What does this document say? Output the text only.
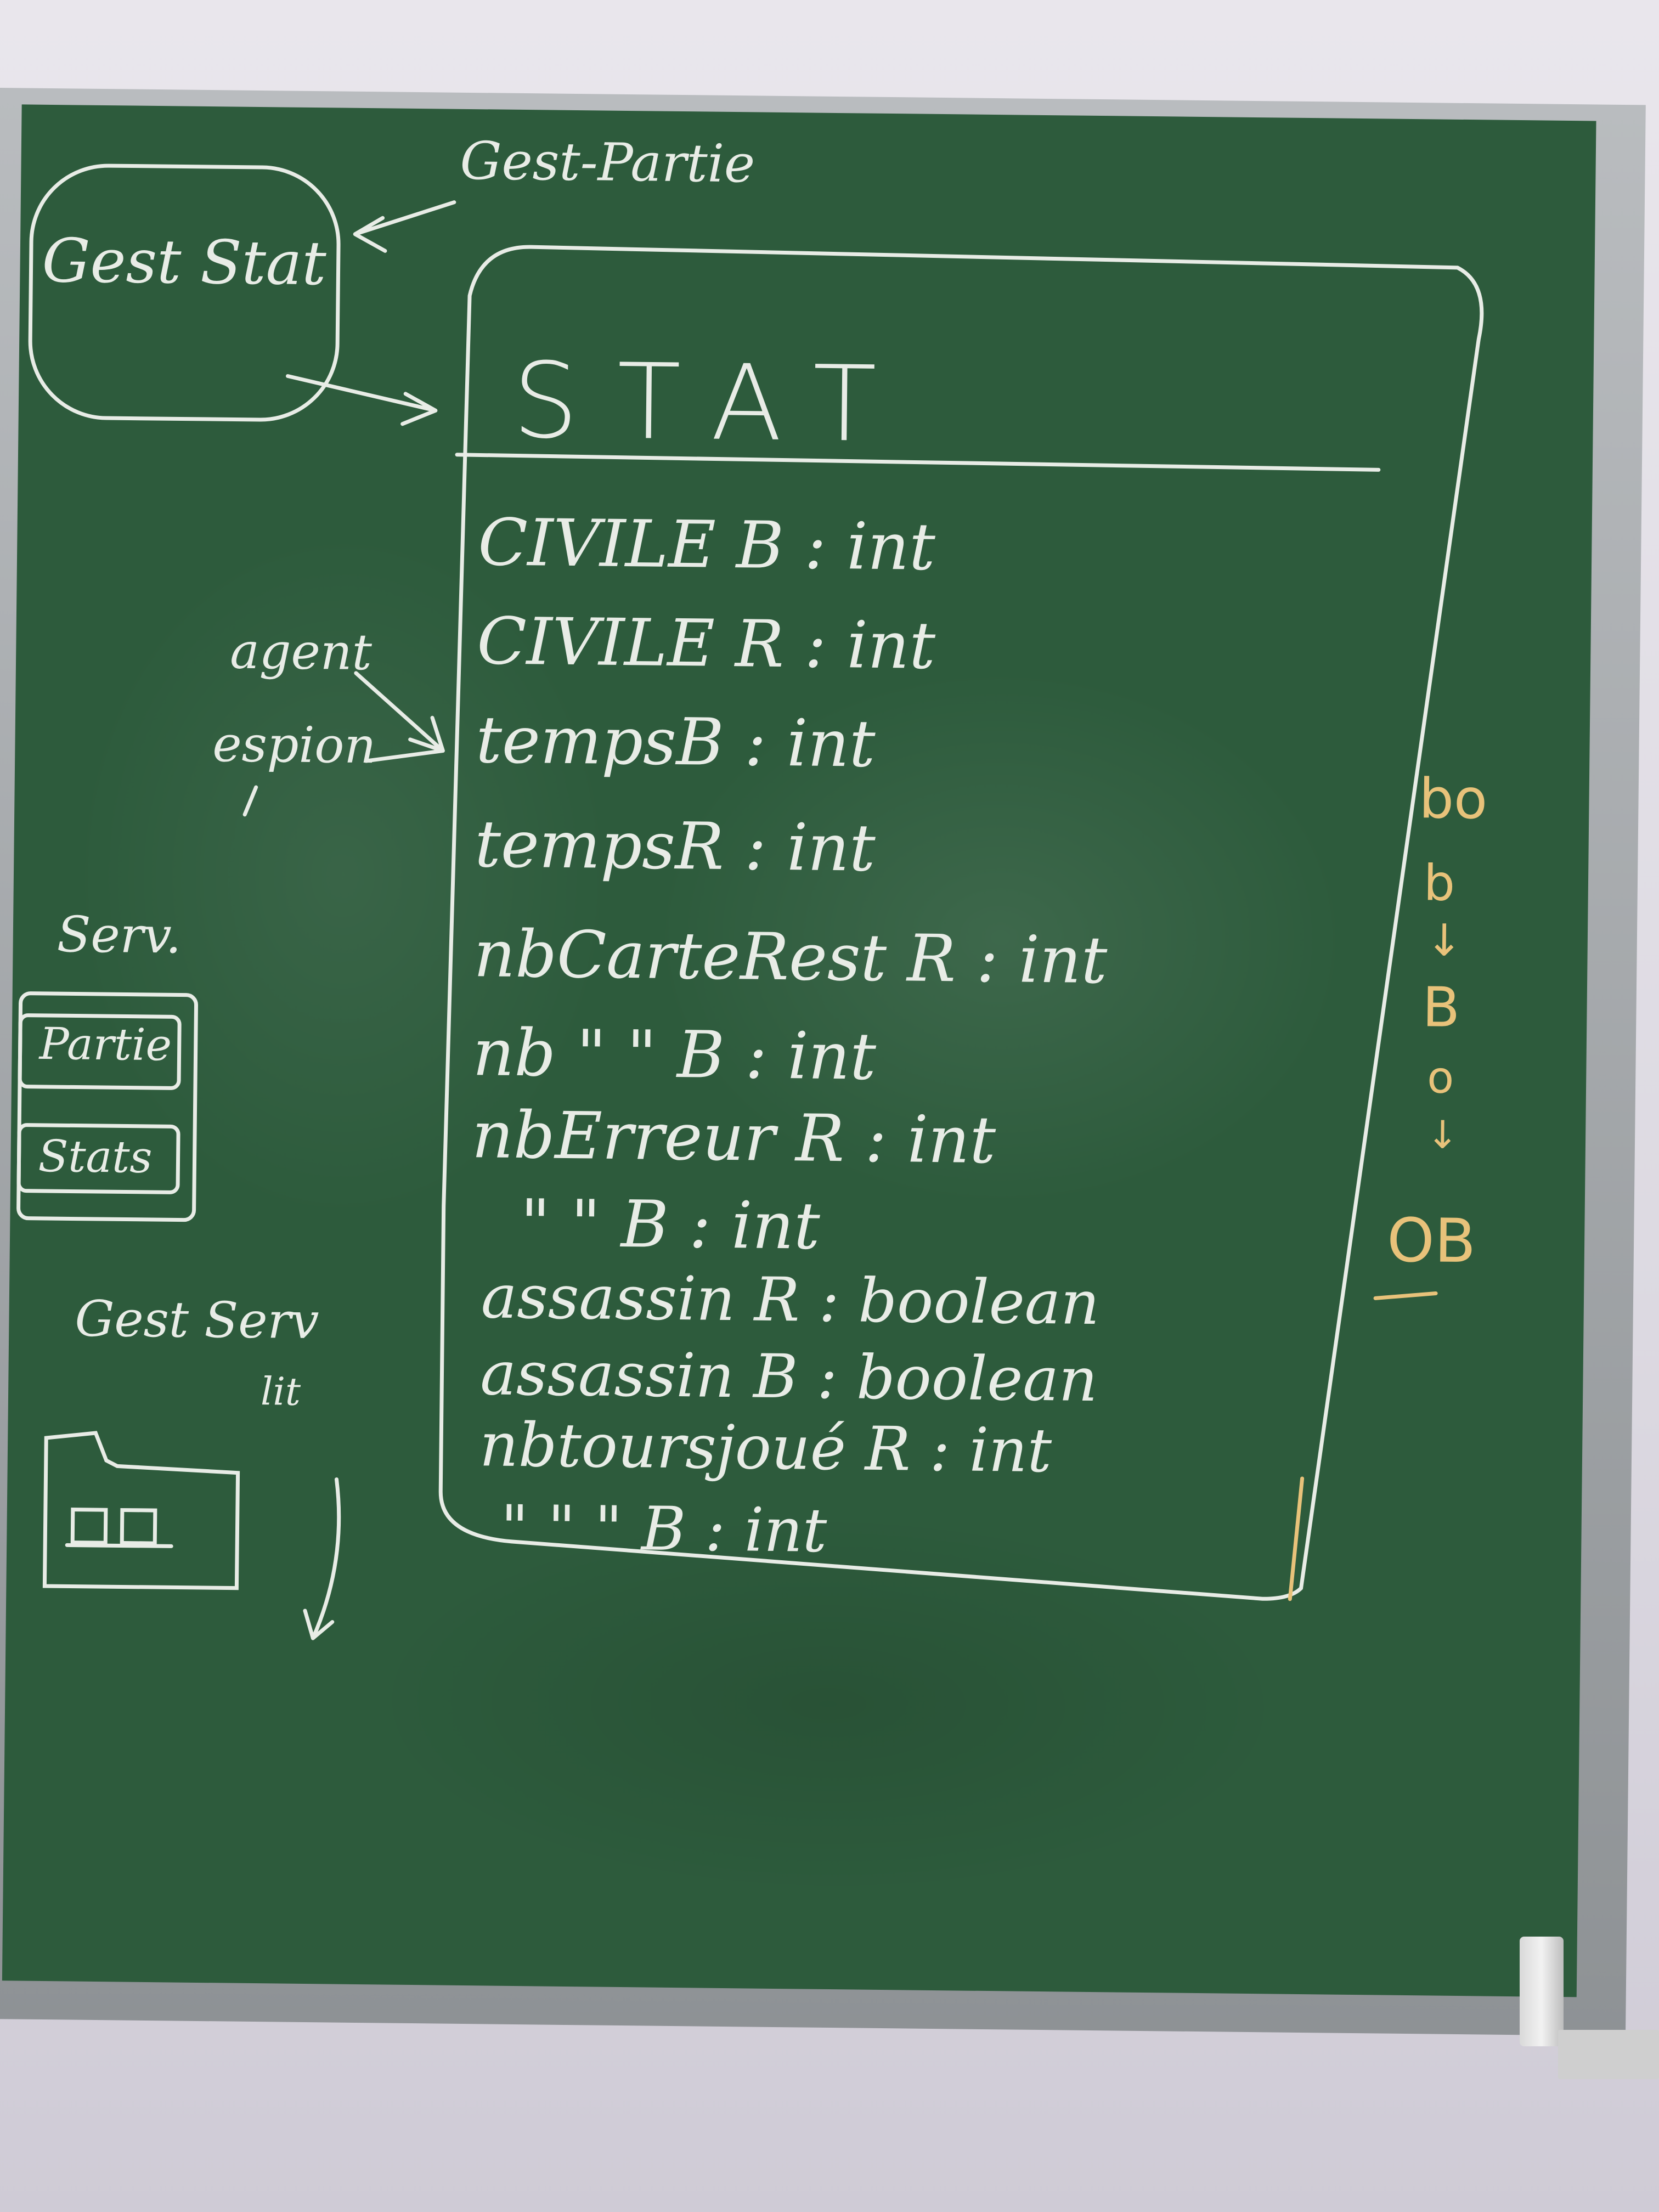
Gest-Partie
Gest Stat
agent
espion
Serv.
Partie
Stats
Gest Serv
lit
STAT
CIVILE B : int
CIVILE R : int
tempsB : int
tempsR : int
nbCarteRest R : int
nb " " B : int
nbErreur R : int
" " B : int
assassin R : boolean
assassin B : boolean
nbtoursjoué R : int
" " " B : int
bo
b
↓
B
o
↓
OB
